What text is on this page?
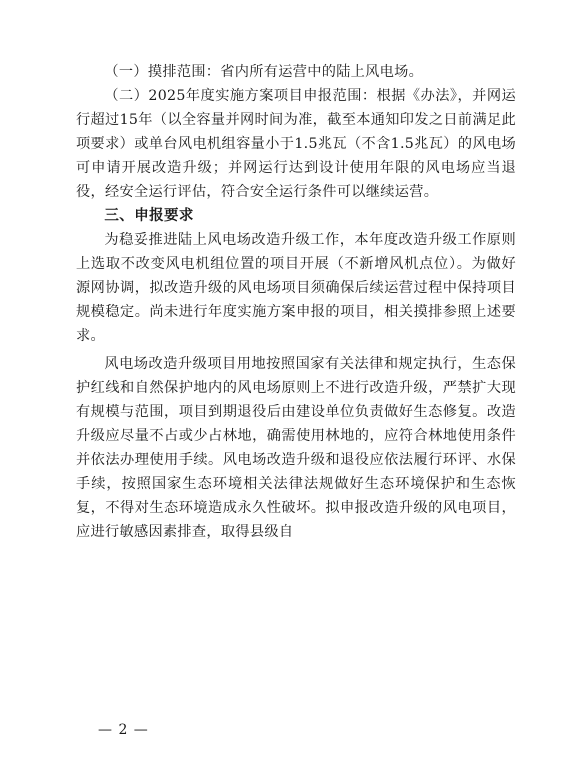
（一）摸排范围：省内所有运营中的陆上风电场。

（二）2025年度实施方案项目申报范围：根据《办法》，并网运行超过15年（以全容量并网时间为准，截至本通知印发之日前满足此项要求）或单台风电机组容量小于1.5兆瓦（不含1.5兆瓦）的风电场可申请开展改造升级；并网运行达到设计使用年限的风电场应当退役，经安全运行评估，符合安全运行条件可以继续运营。

三、申报要求

为稳妥推进陆上风电场改造升级工作，本年度改造升级工作原则上选取不改变风电机组位置的项目开展（不新增风机点位）。为做好源网协调，拟改造升级的风电场项目须确保后续运营过程中保持项目规模稳定。尚未进行年度实施方案申报的项目，相关摸排参照上述要求。

风电场改造升级项目用地按照国家有关法律和规定执行，生态保护红线和自然保护地内的风电场原则上不进行改造升级，严禁扩大现有规模与范围，项目到期退役后由建设单位负责做好生态修复。改造升级应尽量不占或少占林地，确需使用林地的，应符合林地使用条件并依法办理使用手续。风电场改造升级和退役应依法履行环评、水保手续，按照国家生态环境相关法律法规做好生态环境保护和生态恢复，不得对生态环境造成永久性破坏。拟申报改造升级的风电项目，应进行敏感因素排查，取得县级自

— 2 —
